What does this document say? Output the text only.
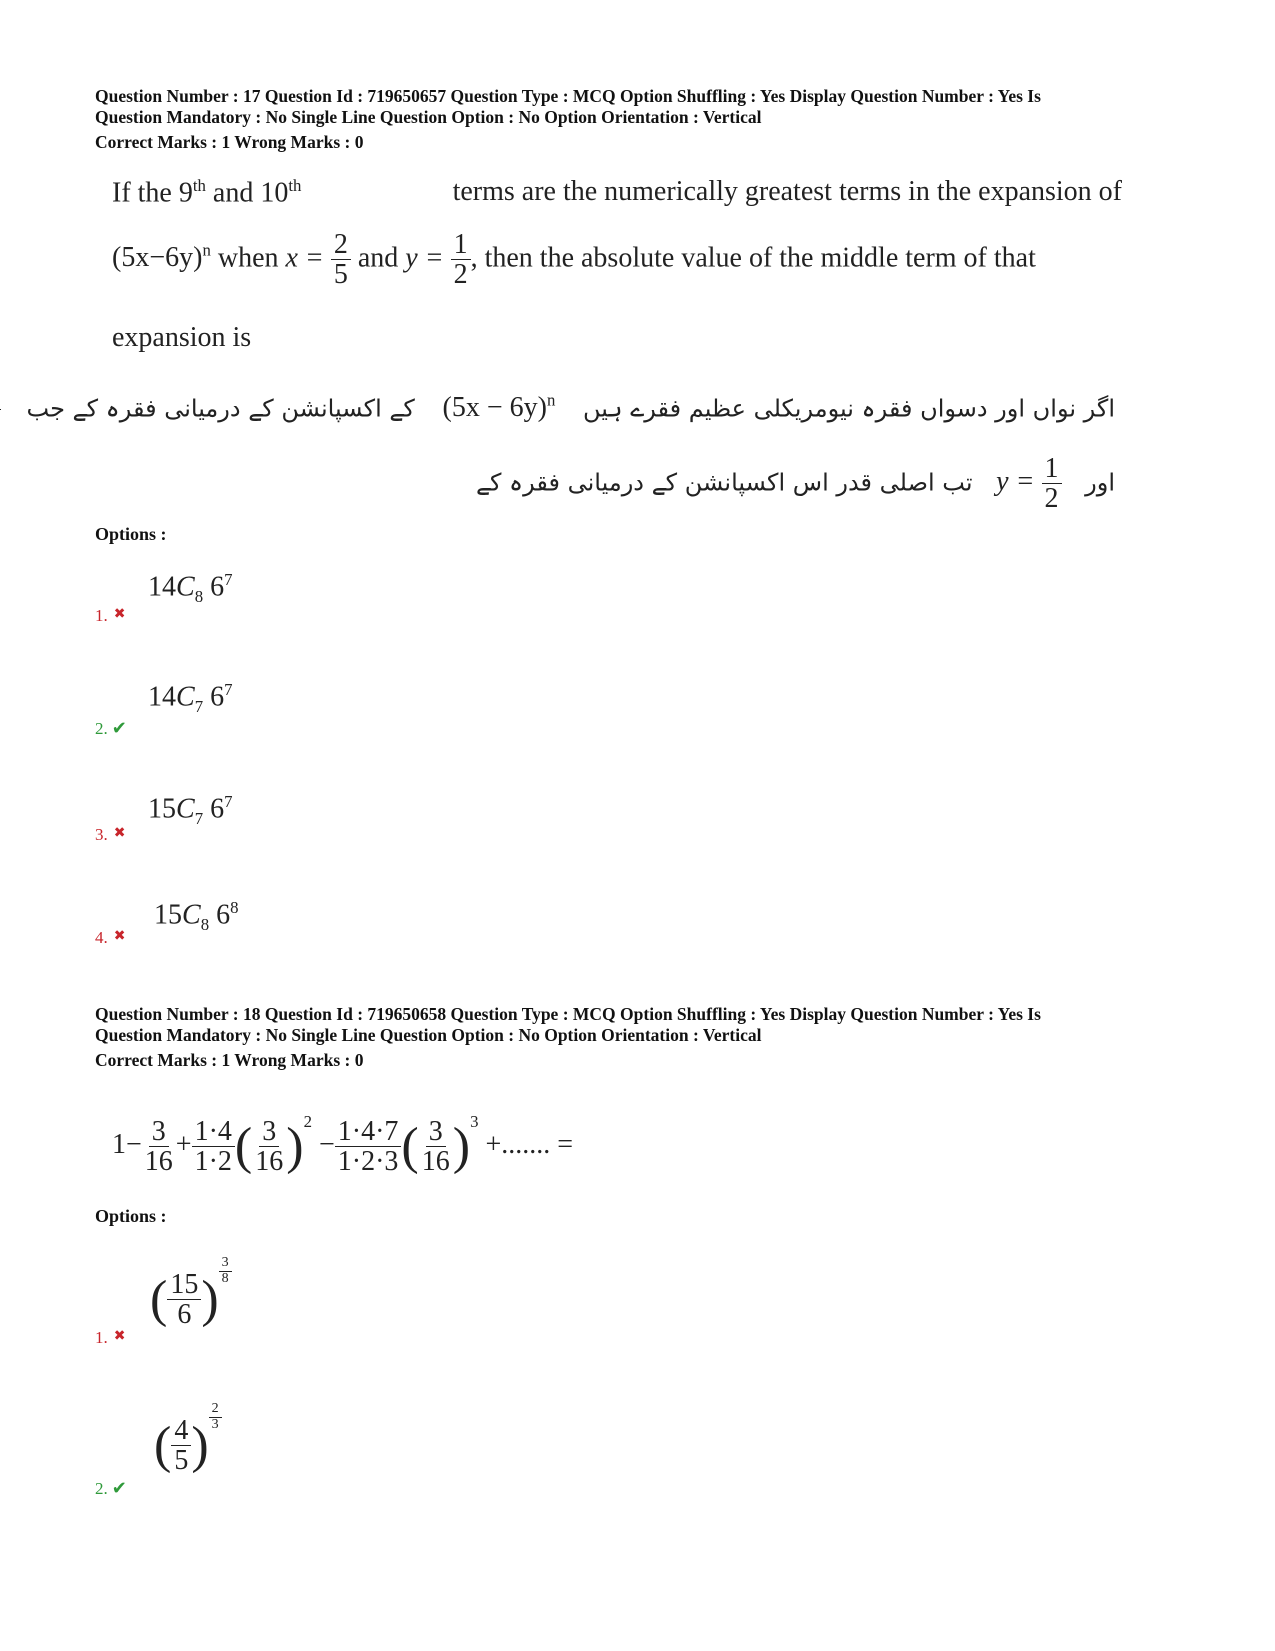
Question Number : 17 Question Id : 719650657 Question Type : MCQ Option Shuffling : Yes Display Question Number : Yes Is
Question Mandatory : No Single Line Question Option : No Option Orientation : Vertical
Correct Marks : 1 Wrong Marks : 0
If the 9th and 10th	terms are the numerically greatest terms in the expansion of
$(5x-6y)^n$ when $x = \frac{2}{5}$ and $y = \frac{1}{2}$ , then the absolute value of the middle term of that
expansion is
اگر نواں اور دسواں فقرہ نیومریکلی عظیم فقرے ہیں $(5x - 6y)^n$ کے اکسپانشن کے درمیانی فقرہ کے جب
اور $y = \frac{1}{2}$
تب اصلی قدر اس اکسپانشن کے درمیانی فقرہ کے
Options :
$14C_8$ $6^7$
1. ✖
$14C_7$ $6^7$
2. ✔
$15C_7$ $6^7$
3. ✖
$15C_8$ $6^8$
4. ✖
Question Number : 18 Question Id : 719650658 Question Type : MCQ Option Shuffling : Yes Display Question Number : Yes Is
Question Mandatory : No Single Line Question Option : No Option Orientation : Vertical
Correct Marks : 1 Wrong Marks : 0
$1- \frac{3}{16} + \frac{1\cdot 4}{1\cdot 2}$ ( $\frac{3}{16} )^2 - \frac{1\cdot 4\cdot 7}{1\cdot 2\cdot 3}$ ( $\frac{3}{16} )^3$ +....... =
Options :
( $\frac{15}{6}$ ) $\frac{3}{8}$
1. ✖
( $\frac{4}{5}$ ) $\frac{2}{3}$
2. ✔
